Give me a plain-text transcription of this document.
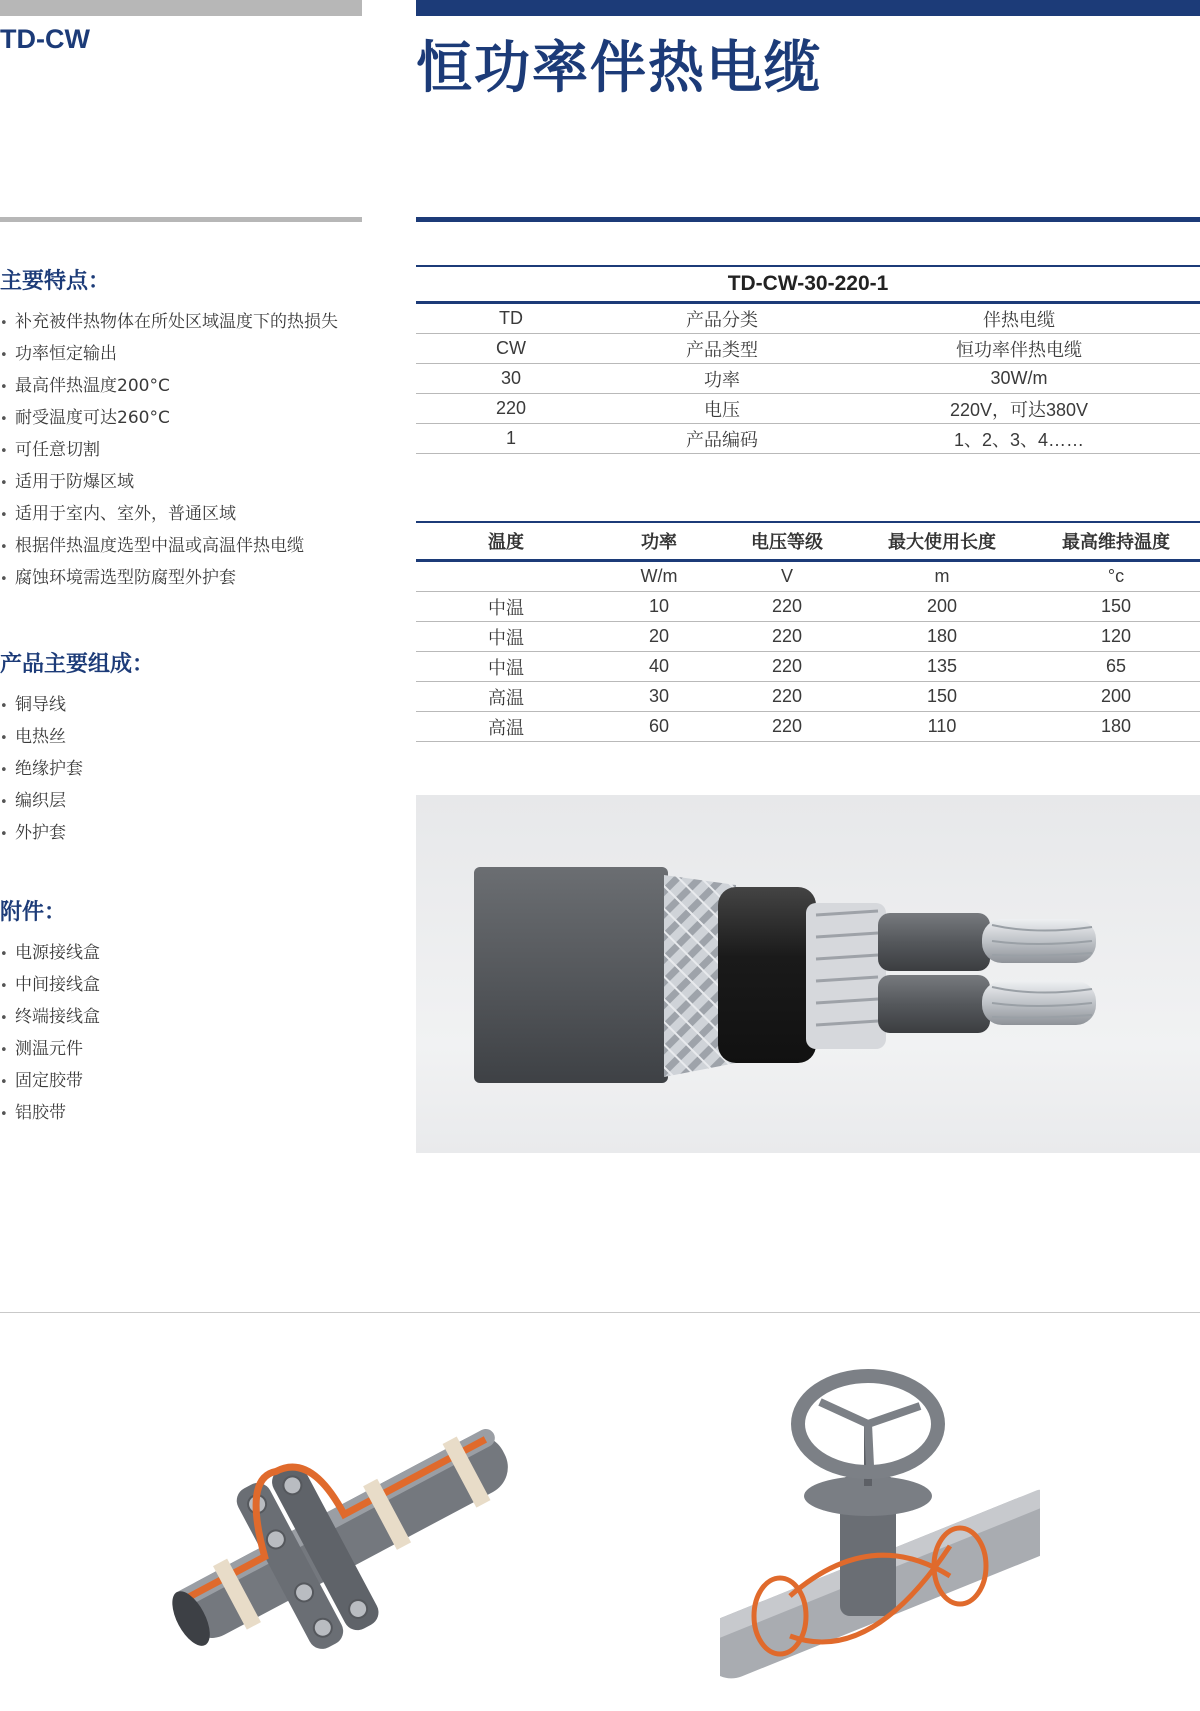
TD-CW	恒功率伴热电缆
主要特点：
• 补充被伴热物体在所处区域温度下的热损失
• 功率恒定输出
• 最高伴热温度200°C
• 耐受温度可达260°C
• 可任意切割
• 适用于防爆区域
• 适用于室内、室外，普通区域
• 根据伴热温度选型中温或高温伴热电缆
• 腐蚀环境需选型防腐型外护套
产品主要组成：
• 铜导线
• 电热丝
• 绝缘护套
• 编织层
• 外护套
附件：
• 电源接线盒
• 中间接线盒
• 终端接线盒
• 测温元件
• 固定胶带
• 铝胶带
TD-CW-30-220-1		
TD	产品分类	伴热电缆
CW	产品类型	恒功率伴热电缆
30	功率	30W/m
220	电压	220V，可达380V
1	产品编码	1、2、3、4……
温度	功率	电压等级	最大使用长度	最高维持温度
	W/m	V	m	°c
中温	10	220	200	150
中温	20	220	180	120
中温	40	220	135	65
高温	30	220	150	200
高温	60	220	110	180
